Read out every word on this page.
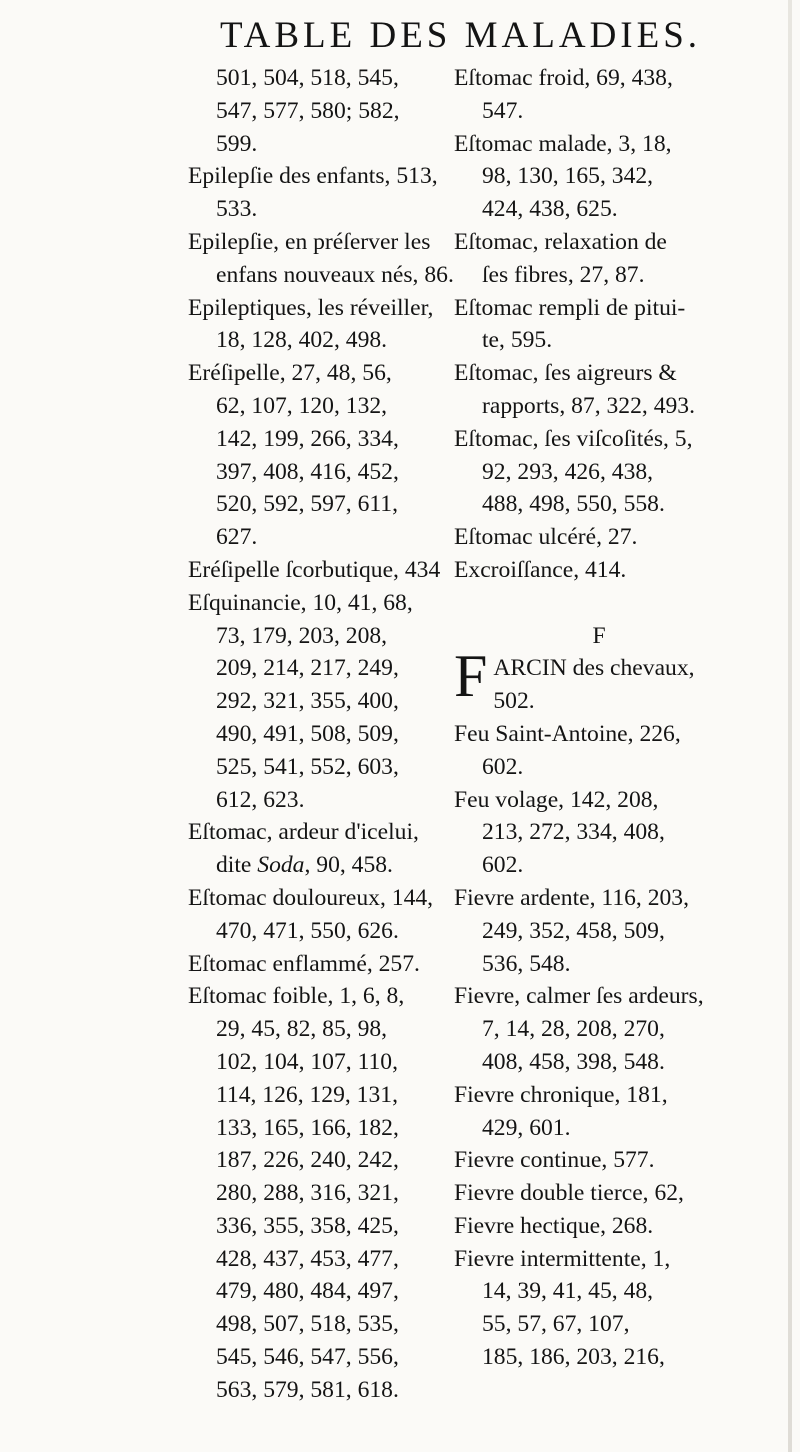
TABLE DES MALADIES.
501, 504, 518, 545,
547, 577, 580; 582,
599.
Epilepſie des enfants, 513,
533.
Epilepſie, en préſerver les
enfans nouveaux nés, 86.
Epileptiques, les réveiller,
18, 128, 402, 498.
Eréſipelle, 27, 48, 56,
62, 107, 120, 132,
142, 199, 266, 334,
397, 408, 416, 452,
520, 592, 597, 611,
627.
Eréſipelle ſcorbutique, 434
Eſquinancie, 10, 41, 68,
73, 179, 203, 208,
209, 214, 217, 249,
292, 321, 355, 400,
490, 491, 508, 509,
525, 541, 552, 603,
612, 623.
Eſtomac, ardeur d'icelui,
dite Soda, 90, 458.
Eſtomac douloureux, 144,
470, 471, 550, 626.
Eſtomac enflammé, 257.
Eſtomac foible, 1, 6, 8,
29, 45, 82, 85, 98,
102, 104, 107, 110,
114, 126, 129, 131,
133, 165, 166, 182,
187, 226, 240, 242,
280, 288, 316, 321,
336, 355, 358, 425,
428, 437, 453, 477,
479, 480, 484, 497,
498, 507, 518, 535,
545, 546, 547, 556,
563, 579, 581, 618.
Eſtomac froid, 69, 438,
547.
Eſtomac malade, 3, 18,
98, 130, 165, 342,
424, 438, 625.
Eſtomac, relaxation de
ſes fibres, 27, 87.
Eſtomac rempli de pitui-
te, 595.
Eſtomac, ſes aigreurs &
rapports, 87, 322, 493.
Eſtomac, ſes viſcoſités, 5,
92, 293, 426, 438,
488, 498, 550, 558.
Eſtomac ulcéré, 27.
Excroiſſance, 414.
F
FARCIN des chevaux,
502.
Feu Saint-Antoine, 226,
602.
Feu volage, 142, 208,
213, 272, 334, 408,
602.
Fievre ardente, 116, 203,
249, 352, 458, 509,
536, 548.
Fievre, calmer ſes ardeurs,
7, 14, 28, 208, 270,
408, 458, 398, 548.
Fievre chronique, 181,
429, 601.
Fievre continue, 577.
Fievre double tierce, 62,
Fievre hectique, 268.
Fievre intermittente, 1,
14, 39, 41, 45, 48,
55, 57, 67, 107,
185, 186, 203, 216,
